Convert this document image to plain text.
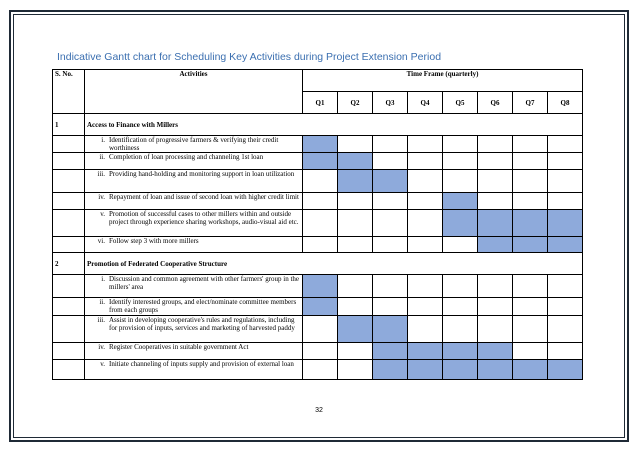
Indicative Gantt chart for Scheduling Key Activities during Project Extension Period
S. No.	Activities	Time Frame (quarterly)							
		Q1	Q2	Q3	Q4	Q5	Q6	Q7	Q8
1	Access to Finance with Millers								

	i. Identification of progressive farmers & verifying their credit worthiness								

	ii. Completion of loan processing and channeling 1st loan								

	iii. Providing hand-holding and monitoring support in loan utilization								

	iv. Repayment of loan and issue of second loan with higher credit limit								

	v. Promotion of successful cases to other millers within and outside project through experience sharing workshops, audio-visual aid etc.								

	vi. Follow step 3 with more millers								

2	Promotion of Federated Cooperative Structure								

	i. Discussion and common agreement with other farmers' group in the millers' area								

	ii. Identify interested groups, and elect/nominate committee members from each groups								

	iii. Assist in developing cooperative's rules and regulations, including for provision of inputs, services and marketing of harvested paddy								

	iv. Register Cooperatives in suitable government Act								

	v. Initiate channeling of inputs supply and provision of external loan								

32
